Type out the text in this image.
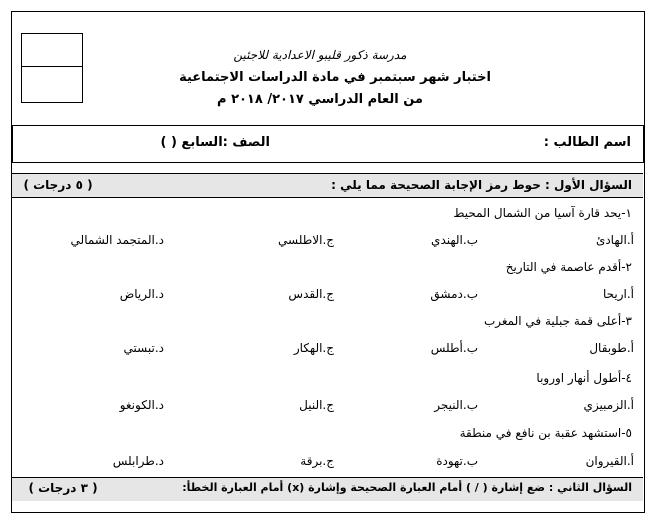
مدرسة ذكور قليبو الاعدادية للاجئين
اختبار شهر سبتمبر في مادة الدراسات الاجتماعية
من العام الدراسي ٢٠١٧/ ٢٠١٨ م
اسم الطالب :
الصف :السابع ( )
السؤال الأول : حوط رمز الإجابة الصحيحة مما يلي :
( ٥ درجات )
١-يحد قارة آسيا من الشمال المحيط
أ.الهادئ
ب.الهندي
ج.الاطلسي
د.المتجمد الشمالي
٢-أقدم عاصمة في التاريخ
أ.اريحا
ب.دمشق
ج.القدس
د.الرياض
٣-أعلى قمة جبلية في المغرب
أ.طوبقال
ب.أطلس
ج.الهكار
د.تبستي
٤-أطول أنهار اوروبا
أ.الزمبيزي
ب.النيجر
ج.النيل
د.الكونغو
٥-استشهد عقبة بن نافع في منطقة
أ.القيروان
ب.تهودة
ج.برقة
د.طرابلس
السؤال الثاني : ضع إشارة ( / ) أمام العبارة الصحيحة وإشارة (x) أمام العبارة الخطأ:
( ٣ درجات )
